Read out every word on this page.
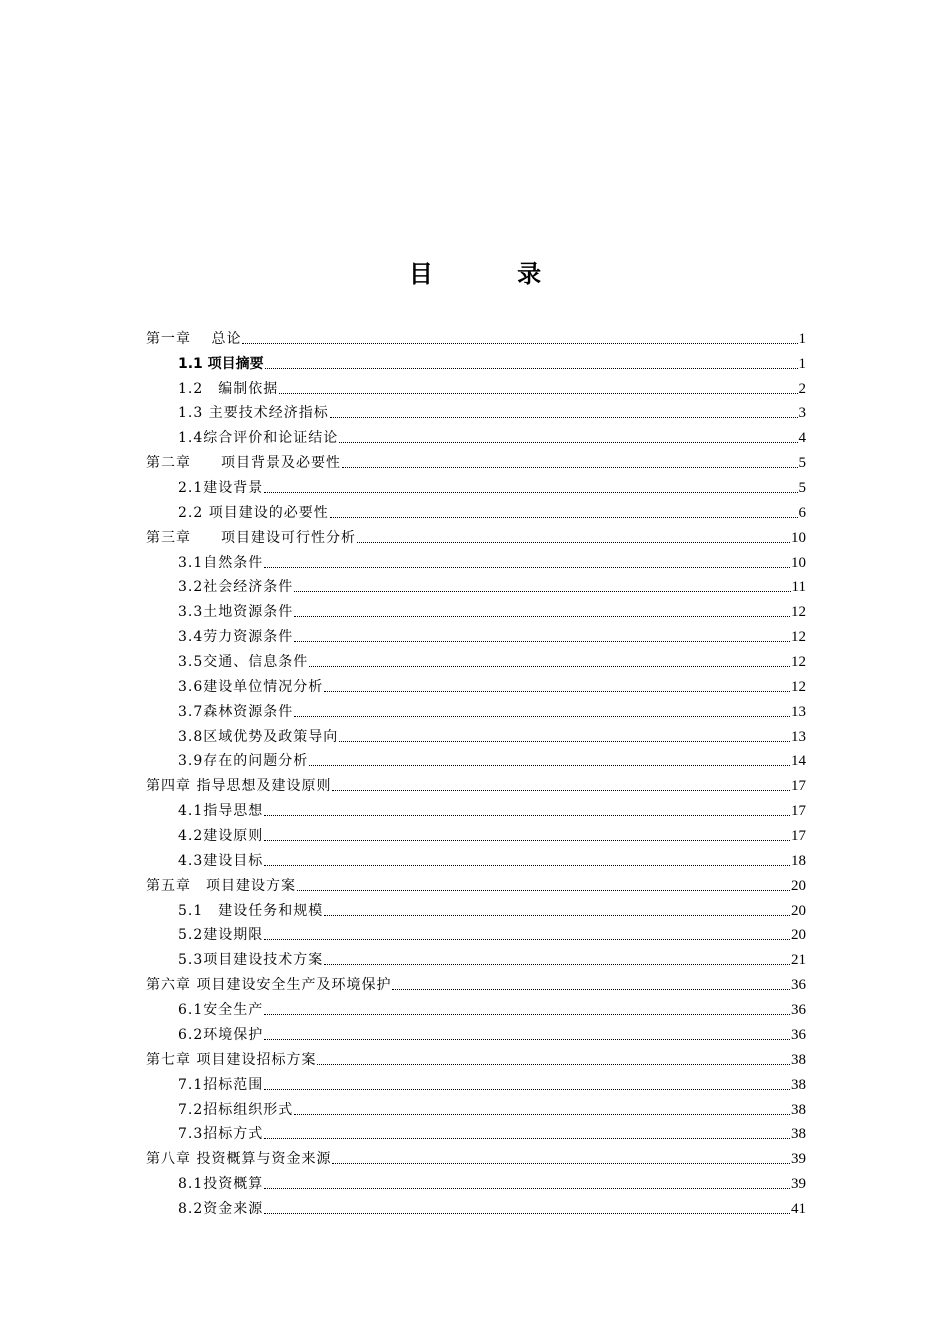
目 录
第一章　 总论	1
1.1 项目摘要	1
1.2　编制依据	2
1.3 主要技术经济指标	3
1.4综合评价和论证结论	4
第二章　　项目背景及必要性	5
2.1建设背景	5
2.2 项目建设的必要性	6
第三章　　项目建设可行性分析	10
3.1自然条件	10
3.2社会经济条件	11
3.3土地资源条件	12
3.4劳力资源条件	12
3.5交通、信息条件	12
3.6建设单位情况分析	12
3.7森林资源条件	13
3.8区域优势及政策导向	13
3.9存在的问题分析	14
第四章 指导思想及建设原则	17
4.1指导思想	17
4.2建设原则	17
4.3建设目标	18
第五章　项目建设方案	20
5.1　建设任务和规模	20
5.2建设期限	20
5.3项目建设技术方案	21
第六章 项目建设安全生产及环境保护	36
6.1安全生产	36
6.2环境保护	36
第七章 项目建设招标方案	38
7.1招标范围	38
7.2招标组织形式	38
7.3招标方式	38
第八章 投资概算与资金来源	39
8.1投资概算	39
8.2资金来源	41
